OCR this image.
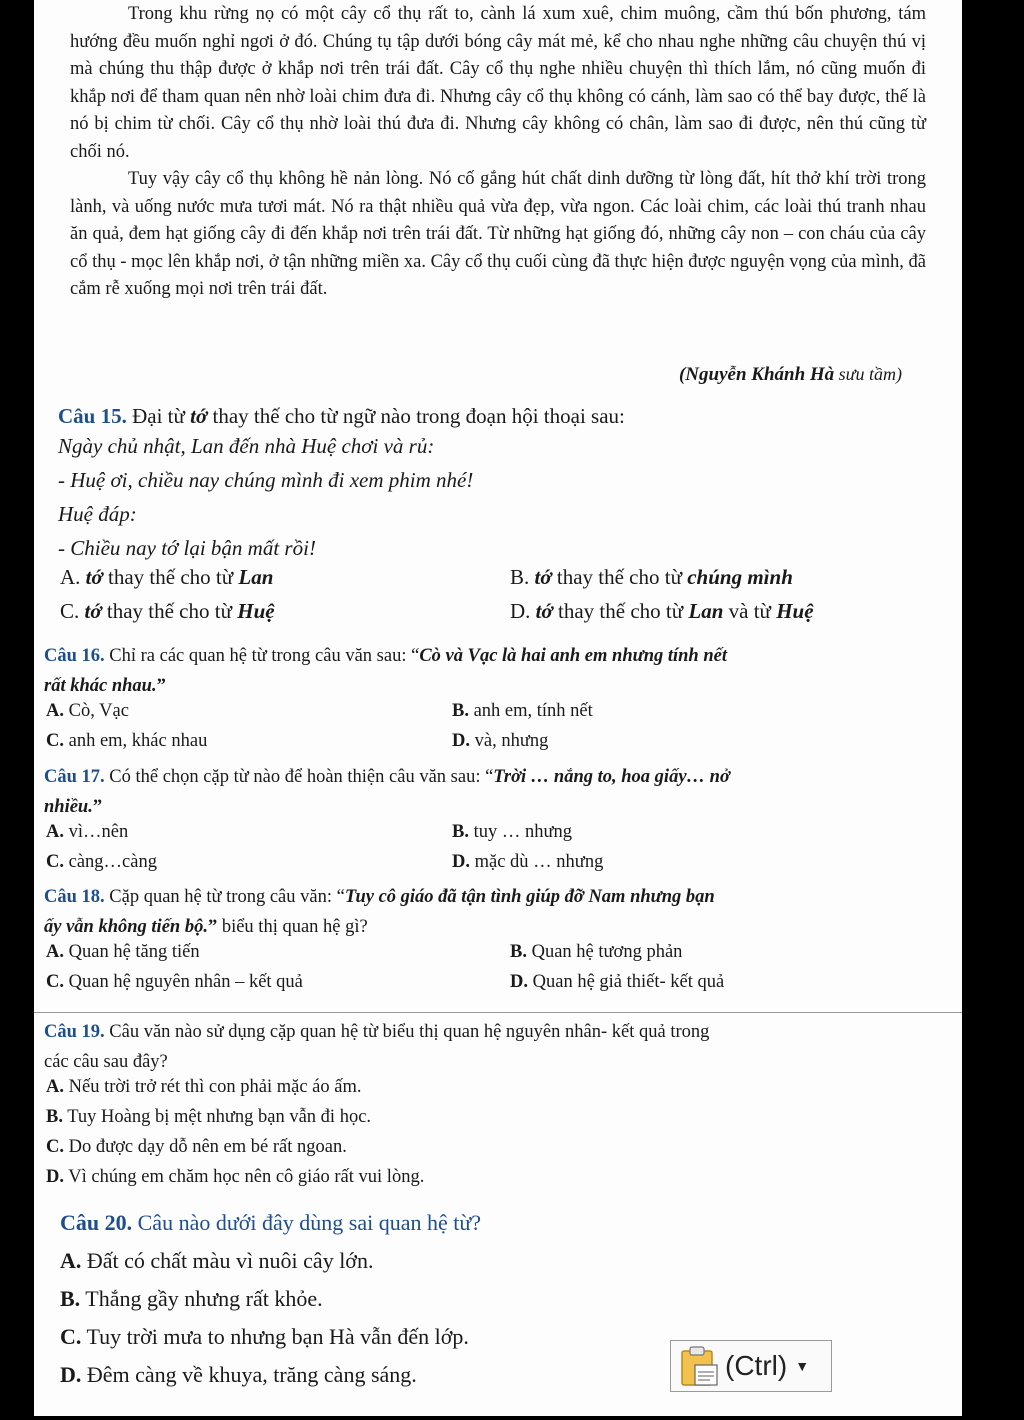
Trong khu rừng nọ có một cây cổ thụ rất to, cành lá xum xuê, chim muông, cầm thú bốn phương, tám hướng đều muốn nghỉ ngơi ở đó. Chúng tụ tập dưới bóng cây mát mẻ, kể cho nhau nghe những câu chuyện thú vị mà chúng thu thập được ở khắp nơi trên trái đất. Cây cổ thụ nghe nhiều chuyện thì thích lắm, nó cũng muốn đi khắp nơi để tham quan nên nhờ loài chim đưa đi. Nhưng cây cổ thụ không có cánh, làm sao có thể bay được, thế là nó bị chim từ chối. Cây cổ thụ nhờ loài thú đưa đi. Nhưng cây không có chân, làm sao đi được, nên thú cũng từ chối nó.

Tuy vậy cây cổ thụ không hề nản lòng. Nó cố gắng hút chất dinh dưỡng từ lòng đất, hít thở khí trời trong lành, và uống nước mưa tươi mát. Nó ra thật nhiều quả vừa đẹp, vừa ngon. Các loài chim, các loài thú tranh nhau ăn quả, đem hạt giống cây đi đến khắp nơi trên trái đất. Từ những hạt giống đó, những cây non – con cháu của cây cổ thụ - mọc lên khắp nơi, ở tận những miền xa. Cây cổ thụ cuối cùng đã thực hiện được nguyện vọng của mình, đã cắm rễ xuống mọi nơi trên trái đất.

(Nguyễn Khánh Hà sưu tầm)

Câu 15. Đại từ tớ thay thế cho từ ngữ nào trong đoạn hội thoại sau:

Ngày chủ nhật, Lan đến nhà Huệ chơi và rủ:
- Huệ ơi, chiều nay chúng mình đi xem phim nhé!
Huệ đáp:
- Chiều nay tớ lại bận mất rồi!
A. tớ thay thế cho từ Lan	B. tớ thay thế cho từ chúng mình
C. tớ thay thế cho từ Huệ	D. tớ thay thế cho từ Lan và từ Huệ

Câu 16. Chỉ ra các quan hệ từ trong câu văn sau: “Cò và Vạc là hai anh em nhưng tính nết
rất khác nhau.”

A. Cò, Vạc	B. anh em, tính nết
C. anh em, khác nhau	D. và, nhưng

Câu 17. Có thể chọn cặp từ nào để hoàn thiện câu văn sau: “Trời … nắng to, hoa giấy… nở
nhiều.”

A. vì…nên	B. tuy … nhưng
C. càng…càng	D. mặc dù … nhưng

Câu 18. Cặp quan hệ từ trong câu văn: “Tuy cô giáo đã tận tình giúp đỡ Nam nhưng bạn
ấy vẫn không tiến bộ.” biểu thị quan hệ gì?

A. Quan hệ tăng tiến	B. Quan hệ tương phản
C. Quan hệ nguyên nhân – kết quả	D. Quan hệ giả thiết- kết quả

Câu 19. Câu văn nào sử dụng cặp quan hệ từ biểu thị quan hệ nguyên nhân- kết quả trong
các câu sau đây?

A. Nếu trời trở rét thì con phải mặc áo ấm.
B. Tuy Hoàng bị mệt nhưng bạn vẫn đi học.
C. Do được dạy dỗ nên em bé rất ngoan.
D. Vì chúng em chăm học nên cô giáo rất vui lòng.
Câu 20. Câu nào dưới đây dùng sai quan hệ từ?
A. Đất có chất màu vì nuôi cây lớn.
B. Thắng gầy nhưng rất khỏe.
C. Tuy trời mưa to nhưng bạn Hà vẫn đến lớp.
D. Đêm càng về khuya, trăng càng sáng.	(Ctrl) ▼
